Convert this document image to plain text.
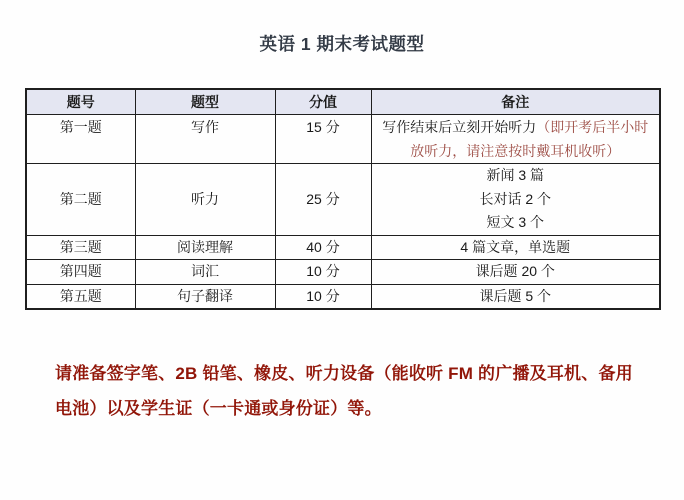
英语 1 期末考试题型
题号	题型	分值	备注
第一题	写作	15 分	写作结束后立刻开始听力（即开考后半小时放听力，请注意按时戴耳机收听）
第二题	听力	25 分	新闻 3 篇
长对话 2 个
短文 3 个

第三题	阅读理解	40 分	4 篇文章，单选题
第四题	词汇	10 分	课后题 20 个
第五题	句子翻译	10 分	课后题 5 个

请准备签字笔、2B 铅笔、橡皮、听力设备（能收听 FM 的广播及耳机、备用电池）以及学生证（一卡通或身份证）等。
